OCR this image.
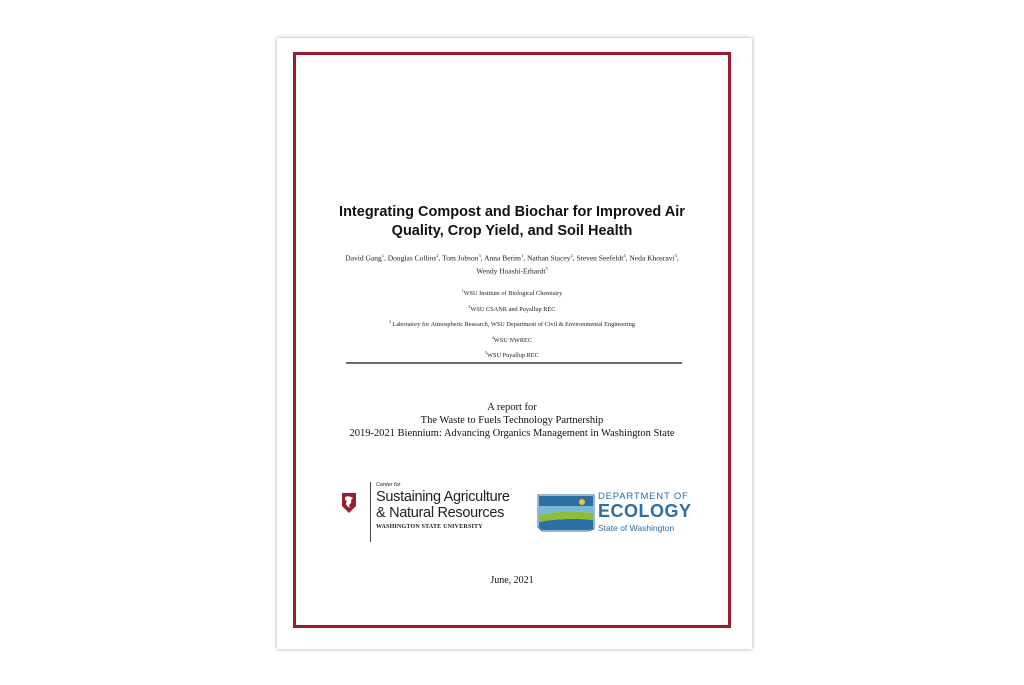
Integrating Compost and Biochar for Improved Air
Quality, Crop Yield, and Soil Health
David Gang$^1$, Douglas Collins$^2$, Tom Jobson$^3$, Anna Berim$^1$, Nathan Stacey$^2$, Steven Seefeldt$^4$, Neda Khosravi$^3$,
Wendy Hoashi-Erhardt$^5$
$^1$WSU Institute of Biological Chemistry
$^2$WSU CSANR and Puyallup REC
$^3$ Laboratory for Atmospheric Research, WSU Department of Civil & Environmental Engineering
$^4$WSU NWREC
$^5$WSU Puyallup REC
A report for
The Waste to Fuels Technology Partnership
2019-2021 Biennium: Advancing Organics Management in Washington State
Center for
Sustaining Agriculture
& Natural Resources
WASHINGTON STATE UNIVERSITY
DEPARTMENT OF
ECOLOGY
State of Washington
June, 2021
